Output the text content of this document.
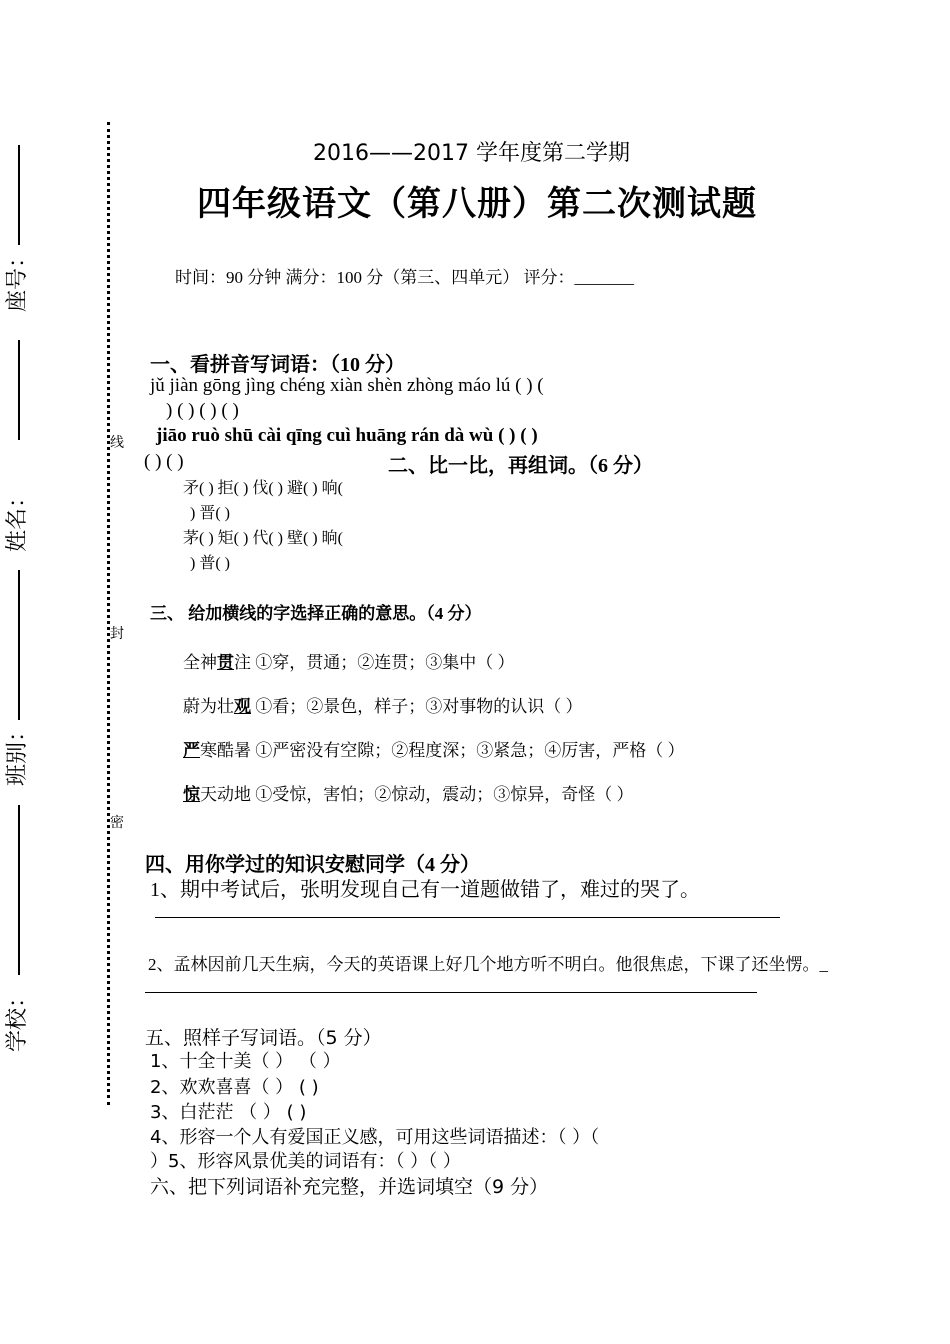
座号：
姓名：
班别：
学校：
线
封
密
2016——2017 学年度第二学期
四年级语文（第八册）第二次测试题
时间：90 分钟 满分：100 分（第三、四单元） 评分：_______
一、看拼音写词语：（10 分）
jǔ jiàn gōng jìng chéng xiàn shèn zhòng máo lú ( ) (
) ( ) ( ) ( )
jiāo ruò shū cài qīng cuì huāng rán dà wù ( ) ( )
( ) ( )	二、比一比，再组词。（6 分）
矛( ) 拒( ) 伐( ) 避( ) 响(
) 晋( )
茅( ) 矩( ) 代( ) 壁( ) 晌(
) 普( )
三、 给加横线的字选择正确的意思。（4 分）
全神贯注 ①穿，贯通；②连贯；③集中（ ）
蔚为壮观 ①看；②景色，样子；③对事物的认识（ ）
严寒酷暑 ①严密没有空隙；②程度深；③紧急；④厉害，严格（ ）
惊天动地 ①受惊，害怕；②惊动，震动；③惊异，奇怪（ ）
四、用你学过的知识安慰同学（4 分）
1、期中考试后，张明发现自己有一道题做错了，难过的哭了。
2、孟林因前几天生病，今天的英语课上好几个地方听不明白。他很焦虑，下课了还坐愣。_
五、照样子写词语。（5 分）
1、十全十美（ ） （ ）
2、欢欢喜喜（ ） ( )
3、白茫茫 （ ） ( )
4、形容一个人有爱国正义感，可用这些词语描述：（ ）（
）5、形容风景优美的词语有：（ ）（ ）
六、把下列词语补充完整，并选词填空（9 分）
